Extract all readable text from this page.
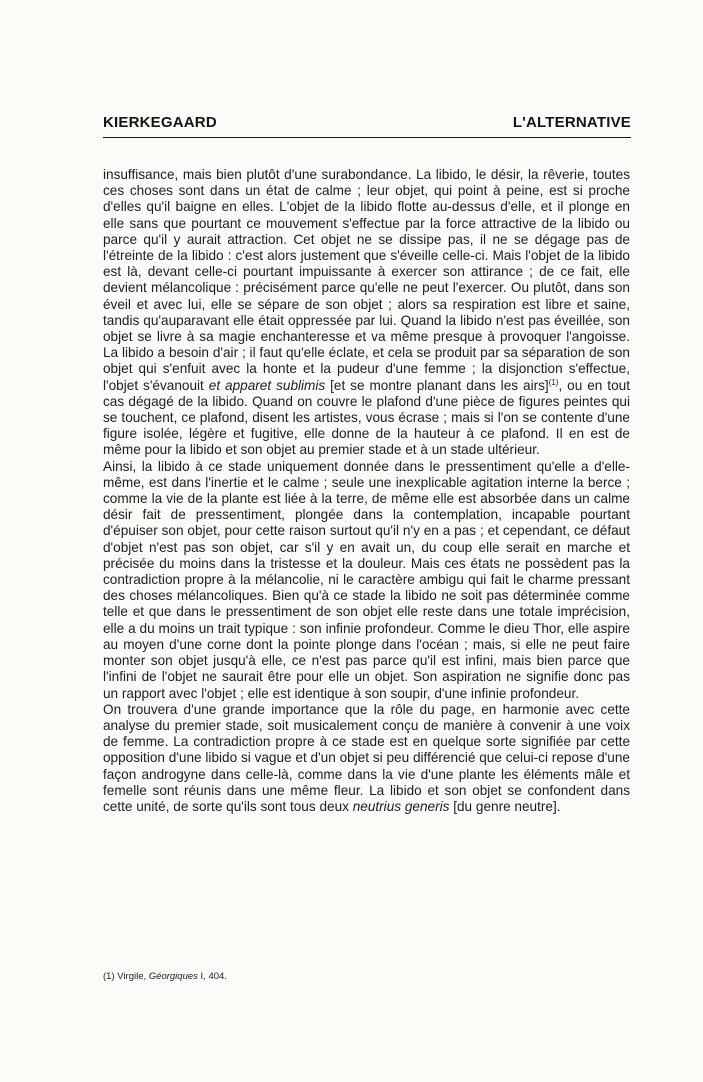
KIERKEGAARD	L'ALTERNATIVE

insuffisance, mais bien plutôt d'une surabondance. La libido, le désir, la rêverie, toutes ces choses sont dans un état de calme ; leur objet, qui point à peine, est si proche d'elles qu'il baigne en elles. L'objet de la libido flotte au-dessus d'elle, et il plonge en elle sans que pourtant ce mouvement s'effectue par la force attractive de la libido ou parce qu'il y aurait attraction. Cet objet ne se dissipe pas, il ne se dégage pas de l'étreinte de la libido : c'est alors justement que s'éveille celle-ci. Mais l'objet de la libido est là, devant celle-ci pourtant impuissante à exercer son attirance ; de ce fait, elle devient mélancolique : précisément parce qu'elle ne peut l'exercer. Ou plutôt, dans son éveil et avec lui, elle se sépare de son objet ; alors sa respiration est libre et saine, tandis qu'auparavant elle était oppressée par lui. Quand la libido n'est pas éveillée, son objet se livre à sa magie enchanteresse et va même presque à provoquer l'angoisse. La libido a besoin d'air ; il faut qu'elle éclate, et cela se produit par sa séparation de son objet qui s'enfuit avec la honte et la pudeur d'une femme ; la disjonction s'effectue, l'objet s'évanouit et apparet sublimis [et se montre planant dans les airs]$^{(1)}$, ou en tout cas dégagé de la libido. Quand on couvre le plafond d'une pièce de figures peintes qui se touchent, ce plafond, disent les artistes, vous écrase ; mais si l'on se contente d'une figure isolée, légère et fugitive, elle donne de la hauteur à ce plafond. Il en est de même pour la libido et son objet au premier stade et à un stade ultérieur.

Ainsi, la libido à ce stade uniquement donnée dans le pressentiment qu'elle a d'elle-même, est dans l'inertie et le calme ; seule une inexplicable agitation interne la berce ; comme la vie de la plante est liée à la terre, de même elle est absorbée dans un calme désir fait de pressentiment, plongée dans la contemplation, incapable pourtant d'épuiser son objet, pour cette raison surtout qu'il n'y en a pas ; et cependant, ce défaut d'objet n'est pas son objet, car s'il y en avait un, du coup elle serait en marche et précisée du moins dans la tristesse et la douleur. Mais ces états ne possèdent pas la contradiction propre à la mélancolie, ni le caractère ambigu qui fait le charme pressant des choses mélancoliques. Bien qu'à ce stade la libido ne soit pas déterminée comme telle et que dans le pressentiment de son objet elle reste dans une totale imprécision, elle a du moins un trait typique : son infinie profondeur. Comme le dieu Thor, elle aspire au moyen d'une corne dont la pointe plonge dans l'océan ; mais, si elle ne peut faire monter son objet jusqu'à elle, ce n'est pas parce qu'il est infini, mais bien parce que l'infini de l'objet ne saurait être pour elle un objet. Son aspiration ne signifie donc pas un rapport avec l'objet ; elle est identique à son soupir, d'une infinie profondeur.

On trouvera d'une grande importance que la rôle du page, en harmonie avec cette analyse du premier stade, soit musicalement conçu de manière à convenir à une voix de femme. La contradiction propre à ce stade est en quelque sorte signifiée par cette opposition d'une libido si vague et d'un objet si peu différencié que celui-ci repose d'une façon androgyne dans celle-là, comme dans la vie d'une plante les éléments mâle et femelle sont réunis dans une même fleur. La libido et son objet se confondent dans cette unité, de sorte qu'ils sont tous deux neutrius generis [du genre neutre].

(1) Virgile, Géorgiques I, 404.
